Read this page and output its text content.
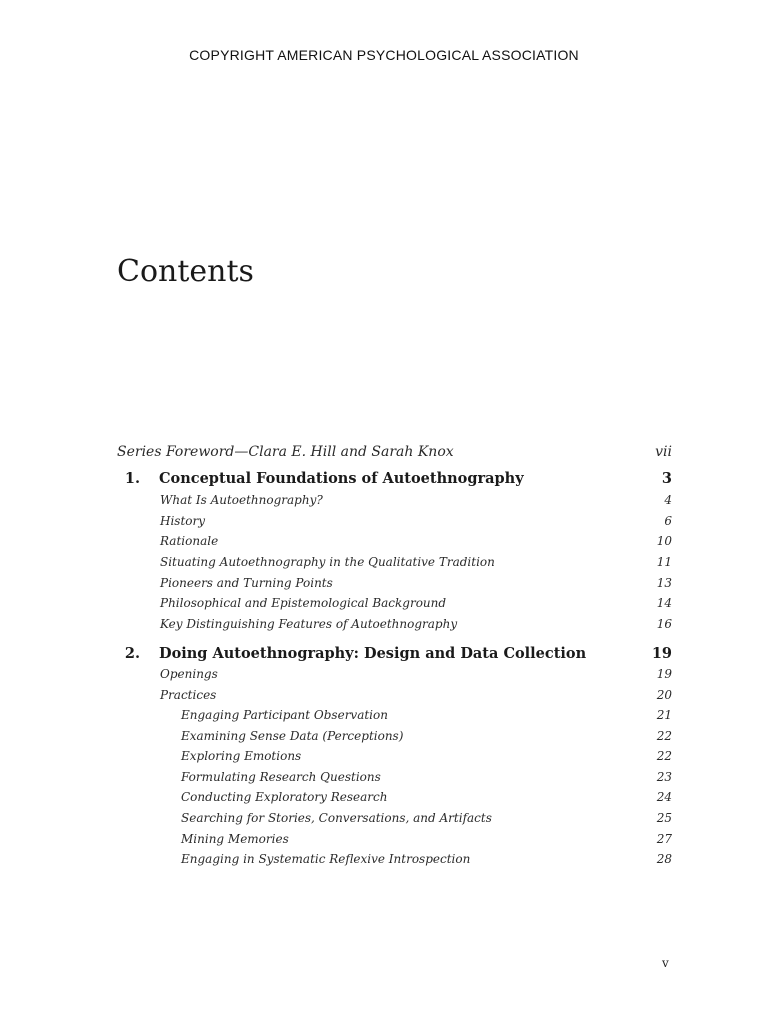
COPYRIGHT AMERICAN PSYCHOLOGICAL ASSOCIATION
Contents
Series Foreword—Clara E. Hill and Sarah Knox	vii
1. Conceptual Foundations of Autoethnography	3
What Is Autoethnography?	4
History	6
Rationale	10
Situating Autoethnography in the Qualitative Tradition	11
Pioneers and Turning Points	13
Philosophical and Epistemological Background	14
Key Distinguishing Features of Autoethnography	16
2. Doing Autoethnography: Design and Data Collection	19
Openings	19
Practices	20
Engaging Participant Observation	21
Examining Sense Data (Perceptions)	22
Exploring Emotions	22
Formulating Research Questions	23
Conducting Exploratory Research	24
Searching for Stories, Conversations, and Artifacts	25
Mining Memories	27
Engaging in Systematic Reflexive Introspection	28
v
